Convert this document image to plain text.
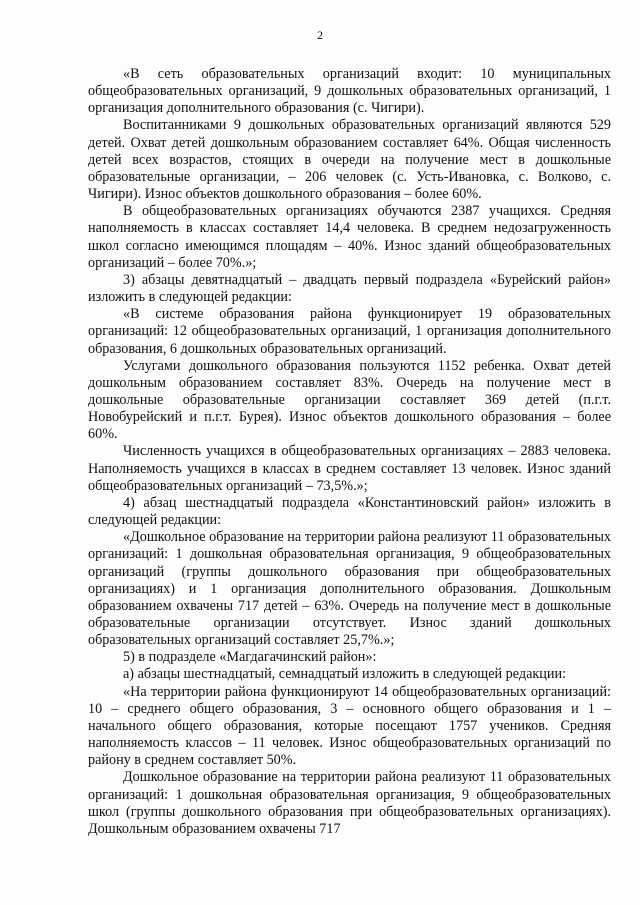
2

«В сеть образовательных организаций входит: 10 муниципальных общеобразовательных организаций, 9 дошкольных образовательных организаций, 1 организация дополнительного образования (с. Чигири).

Воспитанниками 9 дошкольных образовательных организаций являются 529 детей. Охват детей дошкольным образованием составляет 64%. Общая численность детей всех возрастов, стоящих в очереди на получение мест в дошкольные образовательные организации, – 206 человек (с. Усть-Ивановка, с. Волково, с. Чигири). Износ объектов дошкольного образования – более 60%.

В общеобразовательных организациях обучаются 2387 учащихся. Средняя наполняемость в классах составляет 14,4 человека. В среднем недозагруженность школ согласно имеющимся площадям – 40%. Износ зданий общеобразовательных организаций – более 70%.»;

3) абзацы девятнадцатый – двадцать первый подраздела «Бурейский район» изложить в следующей редакции:

«В системе образования района функционирует 19 образовательных организаций: 12 общеобразовательных организаций, 1 организация дополнительного образования, 6 дошкольных образовательных организаций.

Услугами дошкольного образования пользуются 1152 ребенка. Охват детей дошкольным образованием составляет 83%. Очередь на получение мест в дошкольные образовательные организации составляет 369 детей (п.г.т. Новобурейский и п.г.т. Бурея). Износ объектов дошкольного образования – более 60%.

Численность учащихся в общеобразовательных организациях – 2883 человека. Наполняемость учащихся в классах в среднем составляет 13 человек. Износ зданий общеобразовательных организаций – 73,5%.»;

4) абзац шестнадцатый подраздела «Константиновский район» изложить в следующей редакции:

«Дошкольное образование на территории района реализуют 11 образовательных организаций: 1 дошкольная образовательная организация, 9 общеобразовательных организаций (группы дошкольного образования при общеобразовательных организациях) и 1 организация дополнительного образования. Дошкольным образованием охвачены 717 детей – 63%. Очередь на получение мест в дошкольные образовательные организации отсутствует. Износ зданий дошкольных образовательных организаций составляет 25,7%.»;

5) в подразделе «Магдагачинский район»:

а) абзацы шестнадцатый, семнадцатый изложить в следующей редакции:

«На территории района функционируют 14 общеобразовательных организаций: 10 – среднего общего образования, 3 – основного общего образования и 1 – начального общего образования, которые посещают 1757 учеников. Средняя наполняемость классов – 11 человек. Износ общеобразовательных организаций по району в среднем составляет 50%.

Дошкольное образование на территории района реализуют 11 образовательных организаций: 1 дошкольная образовательная организация, 9 общеобразовательных школ (группы дошкольного образования при общеобразовательных организациях). Дошкольным образованием охвачены 717
